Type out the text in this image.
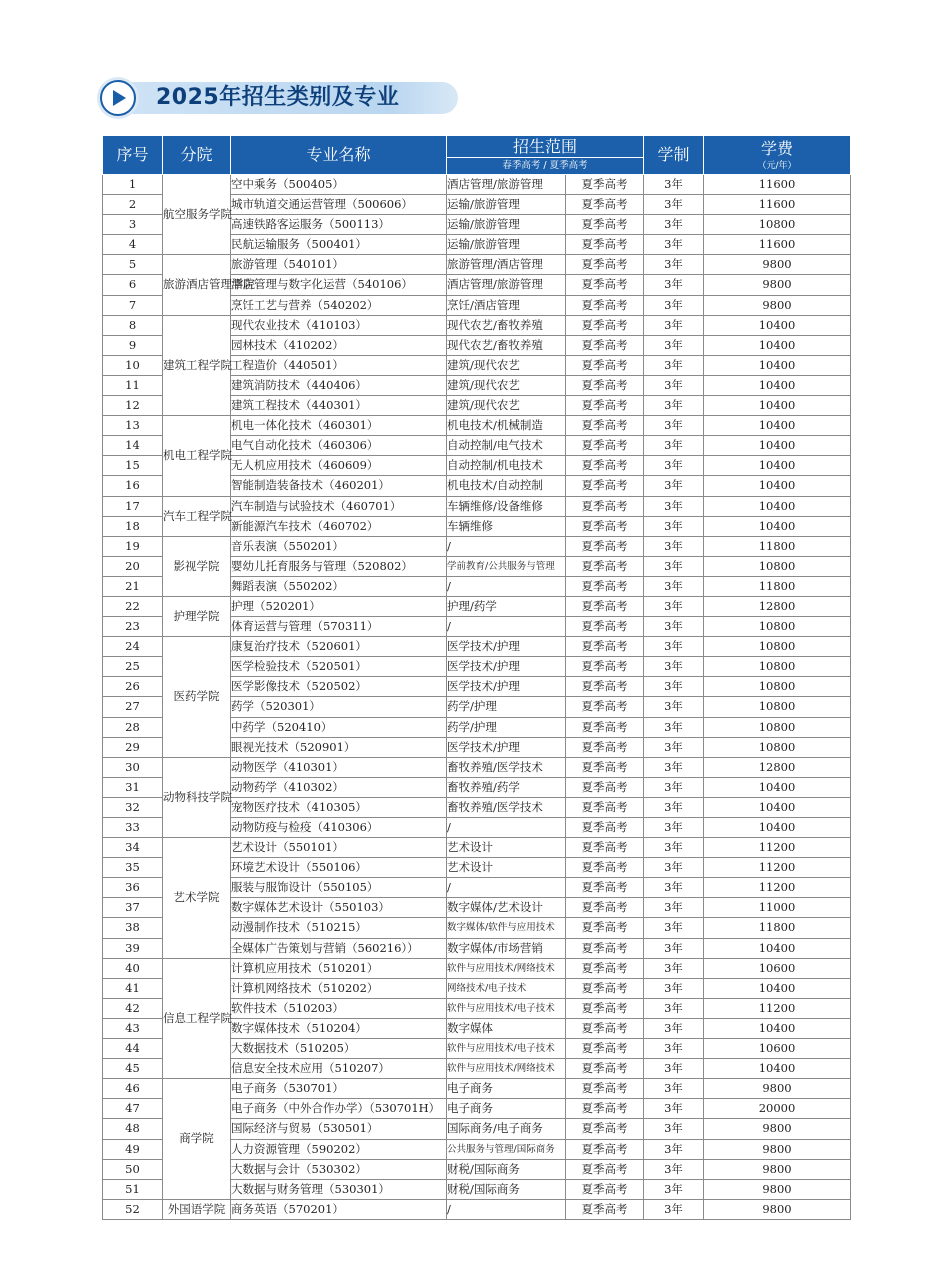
2025年招生类别及专业
序号	分院	专业名称	招生范围
春季高考 / 夏季高考		学制	学费
（元/年）

1	航空服务学院	空中乘务（500405）	酒店管理/旅游管理	夏季高考	3年	11600
2		城市轨道交通运营管理（500606）	运输/旅游管理	夏季高考	3年	11600
3		高速铁路客运服务（500113）	运输/旅游管理	夏季高考	3年	10800
4		民航运输服务（500401）	运输/旅游管理	夏季高考	3年	11600
5	旅游酒店管理学院	旅游管理（540101）	旅游管理/酒店管理	夏季高考	3年	9800
6		酒店管理与数字化运营（540106）	酒店管理/旅游管理	夏季高考	3年	9800
7		烹饪工艺与营养（540202）	烹饪/酒店管理	夏季高考	3年	9800
8	建筑工程学院	现代农业技术（410103）	现代农艺/畜牧养殖	夏季高考	3年	10400
9		园林技术（410202）	现代农艺/畜牧养殖	夏季高考	3年	10400
10		工程造价（440501）	建筑/现代农艺	夏季高考	3年	10400
11		建筑消防技术（440406）	建筑/现代农艺	夏季高考	3年	10400
12		建筑工程技术（440301）	建筑/现代农艺	夏季高考	3年	10400
13	机电工程学院	机电一体化技术（460301）	机电技术/机械制造	夏季高考	3年	10400
14		电气自动化技术（460306）	自动控制/电气技术	夏季高考	3年	10400
15		无人机应用技术（460609）	自动控制/机电技术	夏季高考	3年	10400
16		智能制造装备技术（460201）	机电技术/自动控制	夏季高考	3年	10400
17	汽车工程学院	汽车制造与试验技术（460701）	车辆维修/设备维修	夏季高考	3年	10400
18		新能源汽车技术（460702）	车辆维修	夏季高考	3年	10400
19	影视学院	音乐表演（550201）	/	夏季高考	3年	11800
20		婴幼儿托育服务与管理（520802）	学前教育/公共服务与管理	夏季高考	3年	10800
21		舞蹈表演（550202）	/	夏季高考	3年	11800
22	护理学院	护理（520201）	护理/药学	夏季高考	3年	12800
23		体育运营与管理（570311）	/	夏季高考	3年	10800
24	医药学院	康复治疗技术（520601）	医学技术/护理	夏季高考	3年	10800
25		医学检验技术（520501）	医学技术/护理	夏季高考	3年	10800
26		医学影像技术（520502）	医学技术/护理	夏季高考	3年	10800
27		药学（520301）	药学/护理	夏季高考	3年	10800
28		中药学（520410）	药学/护理	夏季高考	3年	10800
29		眼视光技术（520901）	医学技术/护理	夏季高考	3年	10800
30	动物科技学院	动物医学（410301）	畜牧养殖/医学技术	夏季高考	3年	12800
31		动物药学（410302）	畜牧养殖/药学	夏季高考	3年	10400
32		宠物医疗技术（410305）	畜牧养殖/医学技术	夏季高考	3年	10400
33		动物防疫与检疫（410306）	/	夏季高考	3年	10400
34	艺术学院	艺术设计（550101）	艺术设计	夏季高考	3年	11200
35		环境艺术设计（550106）	艺术设计	夏季高考	3年	11200
36		服装与服饰设计（550105）	/	夏季高考	3年	11200
37		数字媒体艺术设计（550103）	数字媒体/艺术设计	夏季高考	3年	11000
38		动漫制作技术（510215）	数字媒体/软件与应用技术	夏季高考	3年	11800
39		全媒体广告策划与营销（560216））	数字媒体/市场营销	夏季高考	3年	10400
40	信息工程学院	计算机应用技术（510201）	软件与应用技术/网络技术	夏季高考	3年	10600
41		计算机网络技术（510202）	网络技术/电子技术	夏季高考	3年	10400
42		软件技术（510203）	软件与应用技术/电子技术	夏季高考	3年	11200
43		数字媒体技术（510204）	数字媒体	夏季高考	3年	10400
44		大数据技术（510205）	软件与应用技术/电子技术	夏季高考	3年	10600
45		信息安全技术应用（510207）	软件与应用技术/网络技术	夏季高考	3年	10400
46	商学院	电子商务（530701）	电子商务	夏季高考	3年	9800
47		电子商务（中外合作办学）（530701H）	电子商务	夏季高考	3年	20000
48		国际经济与贸易（530501）	国际商务/电子商务	夏季高考	3年	9800
49		人力资源管理（590202）	公共服务与管理/国际商务	夏季高考	3年	9800
50		大数据与会计（530302）	财税/国际商务	夏季高考	3年	9800
51		大数据与财务管理（530301）	财税/国际商务	夏季高考	3年	9800
52	外国语学院	商务英语（570201）	/	夏季高考	3年	9800
